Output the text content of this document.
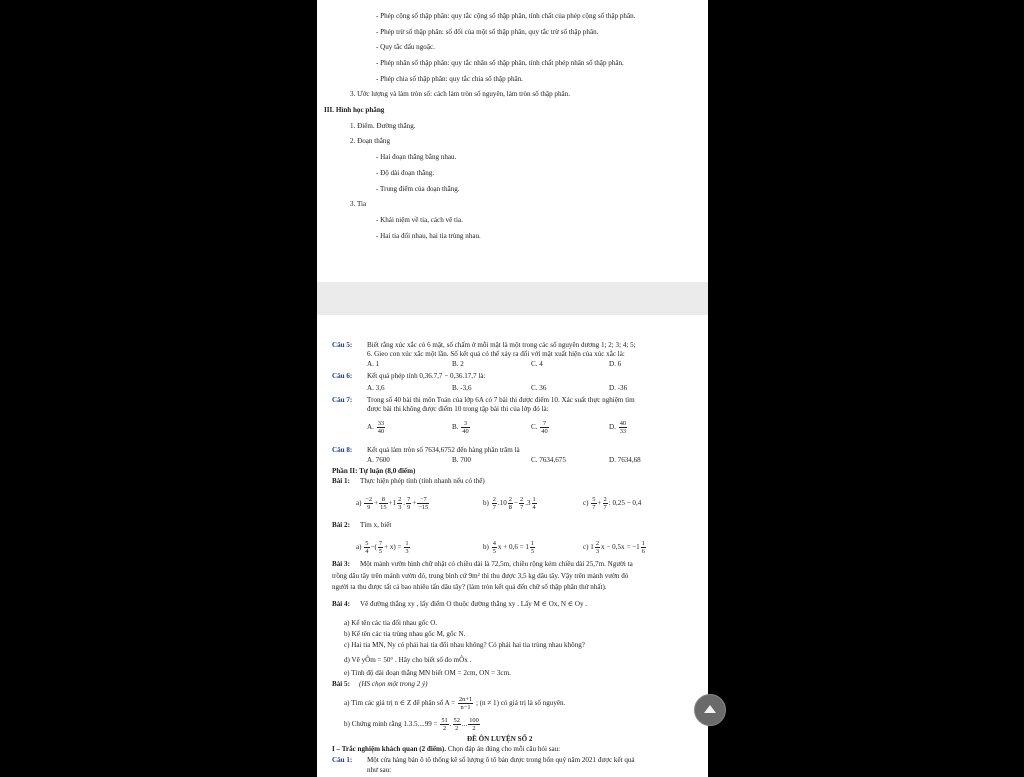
- Phép cộng số thập phân: quy tắc cộng số thập phân, tính chất của phép cộng số thập phân.
- Phép trừ số thập phân: số đối của một số thập phân, quy tắc trừ số thập phân.
- Quy tắc dấu ngoặc.
- Phép nhân số thập phân: quy tắc nhân số thập phân, tính chất phép nhân số thập phân.
- Phép chia số thập phân: quy tắc chia số thập phân.
3. Ước lượng và làm tròn số: cách làm tròn số nguyên, làm tròn số thập phân.
III. Hình học phẳng
1. Điểm. Đường thẳng.
2. Đoạn thẳng
- Hai đoạn thẳng bằng nhau.
- Độ dài đoạn thẳng.
- Trung điểm của đoạn thẳng.
3. Tia
- Khái niệm về tia, cách vẽ tia.
- Hai tia đối nhau, hai tia trùng nhau.
Câu 5: Biết rằng xúc xắc có 6 mặt, số chấm ở mỗi mặt là một trong các số nguyên dương 1; 2; 3; 4; 5;
6. Gieo con xúc xắc một lần. Số kết quả có thể xảy ra đối với mặt xuất hiện của xúc xắc là:
A. 1	B. 2	C. 4	D. 6
Câu 6: Kết quả phép tính 0,36.7,7 − 0,36.17,7 là:
A. 3,6	B. -3,6	C. 36	D. -36
Câu 7: Trong số 40 bài thi môn Toán của lớp 6A có 7 bài thi được điểm 10. Xác suất thực nghiệm tìm
được bài thi không được điểm 10 trong tập bài thi của lớp đó là:
A. $\frac{33}{40}$	B. $\frac{3}{40}$	C. $\frac{7}{40}$	D. $\frac{40}{33}$
Câu 8: Kết quả làm tròn số 7634,6752 đến hàng phần trăm là
A. 7600	B. 700	C. 7634,675	D. 7634,68
Phần II: Tự luận (8,0 điểm)
Bài 1: Thực hiện phép tính (tính nhanh nếu có thể)
$a) \frac{-2}{9} + \frac{8}{15} +1 \frac{2}{3}$ . $\frac{7}{9} + \frac{-7}{-15}$	$b) \frac{2}{7} .10 \frac{2}{8} - \frac{2}{7} .3 \frac{1}{4}$	$c) \frac{5}{7} + \frac{2}{7}$ : 0,25 − 0,4
Bài 2: Tìm x, biết
$a) \frac{5}{4}$ −( $\frac{7}{5} + x) = \frac{1}{3}$	$b) \frac{4}{5}$ $x + 0,6 = 1 \frac{1}{5}$	c) $1 \frac{2}{3}$ $x - 0,5x = -1 \frac{1}{6}$
Bài 3: Một mảnh vườn hình chữ nhật có chiều dài là 72,5m, chiều rộng kém chiều dài 25,7m. Người ta
trồng dâu tây trên mảnh vườn đó, trung bình cứ 9m² thì thu được 3,5 kg dâu tây. Vậy trên mảnh vườn đó
người ta thu được tất cả bao nhiêu tấn dâu tây? (làm tròn kết quả đến chữ số thập phân thứ nhất).
Bài 4: Vẽ đường thẳng xy , lấy điểm O thuộc đường thẳng xy . Lấy M ∈ Ox, N ∈ Oy .
a) Kể tên các tia đối nhau gốc O.
b) Kể tên các tia trùng nhau gốc M, gốc N.
c) Hai tia MN, Ny có phải hai tia đối nhau không? Có phải hai tia trùng nhau không?
d) Vẽ yÔm = 50° . Hãy cho biết số đo mÔx .
e) Tính độ dài đoạn thẳng MN biết OM = 2cm, ON = 3cm.
Bài 5: (HS chọn một trong 2 ý)
a) Tìm các giá trị n ∈ Z để phân số $A = \frac{2n+1}{n-1}$ ; (n ≠ 1) có giá trị là số nguyên.
b) Chứng minh rằng $1.3.5....99 = \frac{51}{2}$ . $\frac{52}{2}$ ... $\frac{100}{2}$
ĐỀ ÔN LUYỆN SỐ 2
I – Trắc nghiệm khách quan (2 điểm). Chọn đáp án đúng cho mỗi câu hỏi sau:
Câu 1: Một cửa hàng bán ô tô thống kê số lượng ô tô bán được trong bốn quý năm 2021 được kết quả
như sau:
